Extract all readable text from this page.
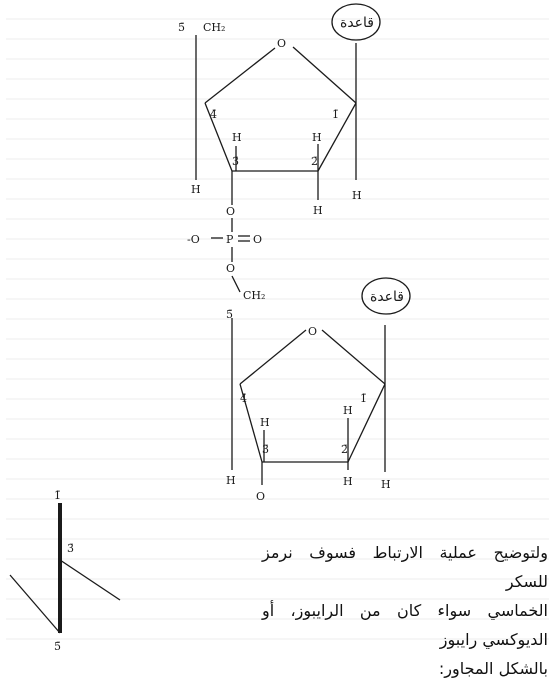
5̄ CH₂
O
4̄	1̄
H	H
3̄	2̄
H	H
H
قاعدة
O
-O P O
O
CH₂
5̄
O
قاعدة
4̄	1̄
H
H
3̄	2̄
H	H
H
O
1̄
3̄
5̄
ولتوضيح عملية الارتباط فسوف نرمز للسكر
الخماسي سواء كان من الرايبوز، أو الديوكسي رايبوز
بالشكل المجاور:
